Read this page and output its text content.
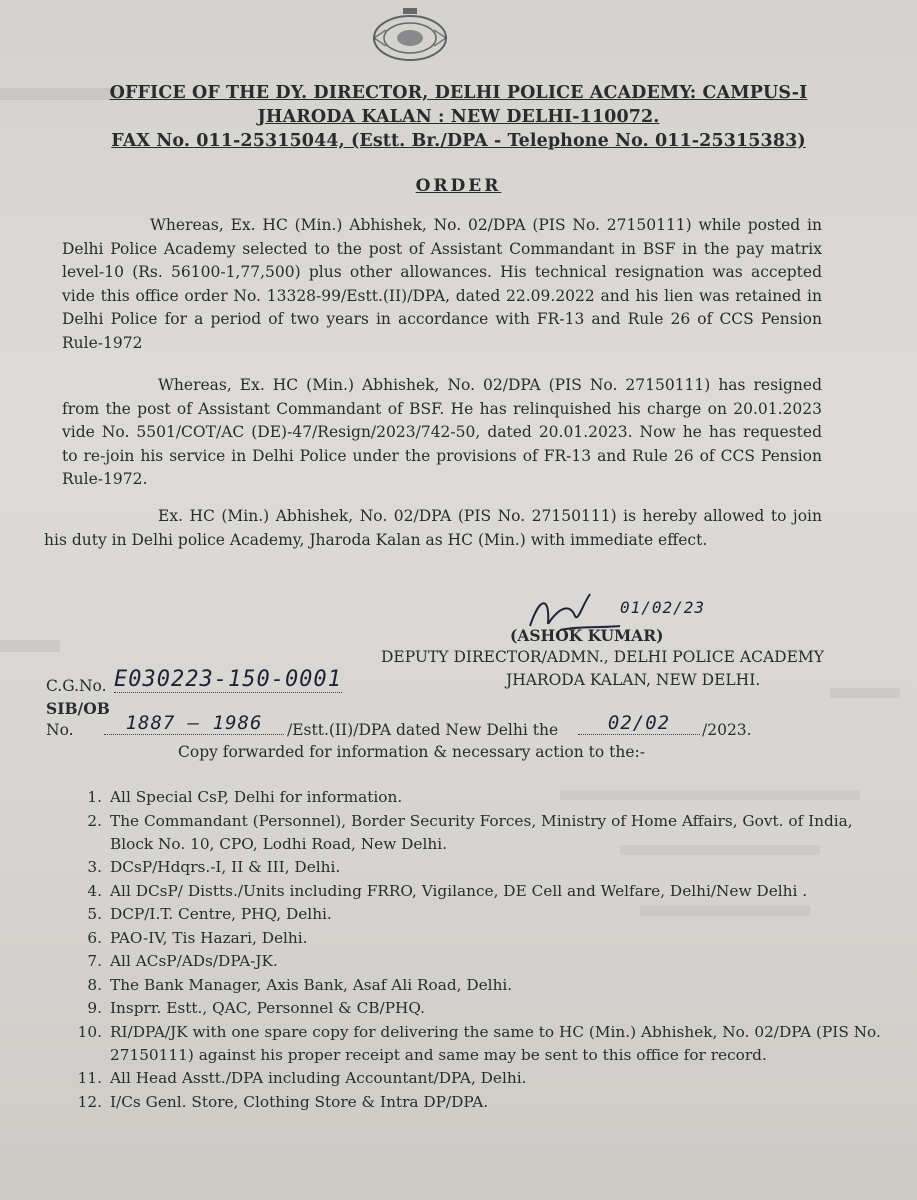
OFFICE OF THE DY. DIRECTOR, DELHI POLICE ACADEMY: CAMPUS-I
JHARODA KALAN : NEW DELHI-110072.
FAX No. 011-25315044, (Estt. Br./DPA - Telephone No. 011-25315383)
ORDER
Whereas, Ex. HC (Min.) Abhishek, No. 02/DPA (PIS No. 27150111) while posted in Delhi Police Academy selected to the post of Assistant Commandant in BSF in the pay matrix level-10 (Rs. 56100-1,77,500) plus other allowances. His technical resignation was accepted vide this office order No. 13328-99/Estt.(II)/DPA, dated 22.09.2022 and his lien was retained in Delhi Police for a period of two years in accordance with FR-13 and Rule 26 of CCS Pension Rule-1972
Whereas, Ex. HC (Min.) Abhishek, No. 02/DPA (PIS No. 27150111) has resigned from the post of Assistant Commandant of BSF. He has relinquished his charge on 20.01.2023 vide No. 5501/COT/AC (DE)-47/Resign/2023/742-50, dated 20.01.2023. Now he has requested to re-join his service in Delhi Police under the provisions of FR-13 and Rule 26 of CCS Pension Rule-1972.
Ex. HC (Min.) Abhishek, No. 02/DPA (PIS No. 27150111) is hereby allowed to join his duty in Delhi police Academy, Jharoda Kalan as HC (Min.) with immediate effect.
01/02/23
(ASHOK KUMAR)
DEPUTY DIRECTOR/ADMN., DELHI POLICE ACADEMY
JHARODA KALAN, NEW DELHI.
C.G.No. E030223-150-0001
SIB/OB
No.	1887 — 1986	/Estt.(II)/DPA dated New Delhi the	02/02	/2023.
Copy forwarded for information & necessary action to the:-
1. All Special CsP, Delhi for information.
2. The Commandant (Personnel), Border Security Forces, Ministry of Home Affairs, Govt. of India, Block No. 10, CPO, Lodhi Road, New Delhi.
3. DCsP/Hdqrs.-I, II & III, Delhi.
4. All DCsP/ Distts./Units including FRRO, Vigilance, DE Cell and Welfare, Delhi/New Delhi .
5. DCP/I.T. Centre, PHQ, Delhi.
6. PAO-IV, Tis Hazari, Delhi.
7. All ACsP/ADs/DPA-JK.
8. The Bank Manager, Axis Bank, Asaf Ali Road, Delhi.
9. Insprr. Estt., QAC, Personnel & CB/PHQ.
10. RI/DPA/JK with one spare copy for delivering the same to HC (Min.) Abhishek, No. 02/DPA (PIS No. 27150111) against his proper receipt and same may be sent to this office for record.
11. All Head Asstt./DPA including Accountant/DPA, Delhi.
12. I/Cs Genl. Store, Clothing Store & Intra DP/DPA.
